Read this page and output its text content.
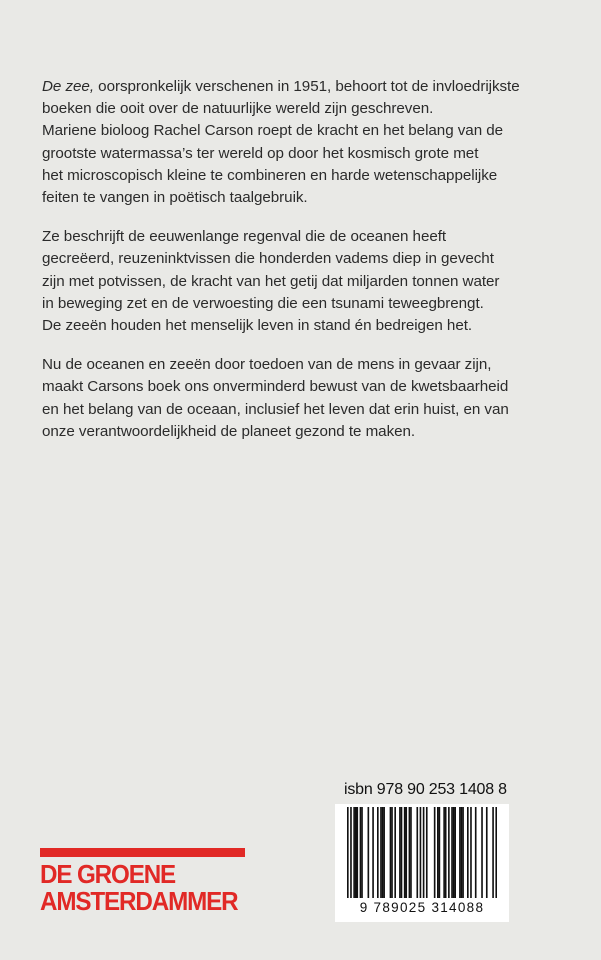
De zee, oorspronkelijk verschenen in 1951, behoort tot de invloedrijkste
boeken die ooit over de natuurlijke wereld zijn geschreven.
Mariene bioloog Rachel Carson roept de kracht en het belang van de
grootste watermassa’s ter wereld op door het kosmisch grote met
het microscopisch kleine te combineren en harde wetenschappelijke
feiten te vangen in poëtisch taalgebruik.

Ze beschrijft de eeuwenlange regenval die de oceanen heeft
gecreëerd, reuzeninktvissen die honderden vadems diep in gevecht
zijn met potvissen, de kracht van het getij dat miljarden tonnen water
in beweging zet en de verwoesting die een tsunami teweegbrengt.
De zeeën houden het menselijk leven in stand én bedreigen het.

Nu de oceanen en zeeën door toedoen van de mens in gevaar zijn,
maakt Carsons boek ons onverminderd bewust van de kwetsbaarheid
en het belang van de oceaan, inclusief het leven dat erin huist, en van
onze verantwoordelijkheid de planeet gezond te maken.

DE GROENE
AMSTERDAMMER
isbn 978 90 253 1408 8
9 789025 314088
